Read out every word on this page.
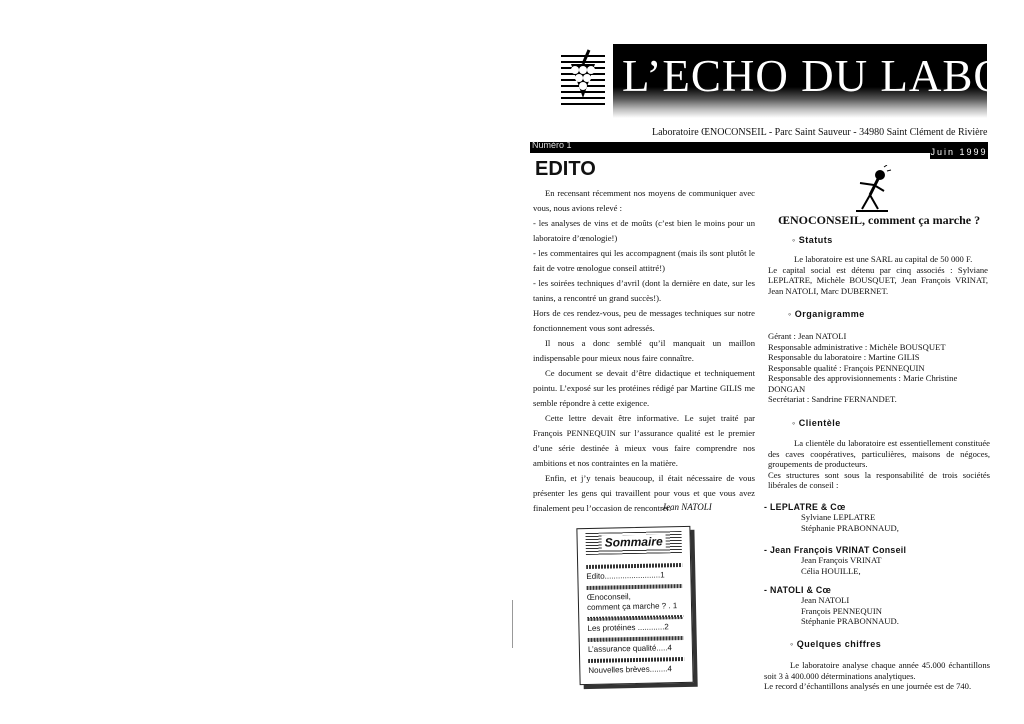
L’ECHO DU LABO
Laboratoire ŒNOCONSEIL - Parc Saint Sauveur - 34980 Saint Clément de Rivière
Numéro 1
Juin 1999
EDITO

En recensant récemment nos moyens de communiquer avec vous, nous avions relevé :

- les analyses de vins et de moûts (c’est bien le moins pour un laboratoire d’œnologie!)

- les commentaires qui les accompagnent (mais ils sont plutôt le fait de votre œnologue conseil attitré!)

- les soirées techniques d’avril (dont la dernière en date, sur les tanins, a rencontré un grand succès!).

Hors de ces rendez-vous, peu de messages techniques sur notre fonctionnement vous sont adressés.

Il nous a donc semblé qu’il manquait un maillon indispensable pour mieux nous faire connaître.

Ce document se devait d’être didactique et techniquement pointu. L’exposé sur les protéines rédigé par Martine GILIS me semble répondre à cette exigence.

Cette lettre devait être informative. Le sujet traité par François PENNEQUIN sur l’assurance qualité est le premier d’une série destinée à mieux vous faire comprendre nos ambitions et nos contraintes en la matière.

Enfin, et j’y tenais beaucoup, il était nécessaire de vous présenter les gens qui travaillent pour vous et que vous avez finalement peu l’occasion de rencontrer.

Jean NATOLI
Sommaire
Edito.........................1
Œnoconseil,
comment ça marche ? . 1
Les protéines ............2
L’assurance qualité.....4
Nouvelles brèves........4
ŒNOCONSEIL, comment ça marche ?
◦ Statuts

Le laboratoire est une SARL au capital de 50 000 F.

Le capital social est détenu par cinq associés : Sylviane LEPLATRE, Michèle BOUSQUET, Jean François VRINAT, Jean NATOLI, Marc DUBERNET.

◦ Organigramme

Gérant : Jean NATOLI

Responsable administrative : Michèle BOUSQUET

Responsable du laboratoire : Martine GILIS

Responsable qualité : François PENNEQUIN

Responsable des approvisionnements : Marie Christine DONGAN

Secrétariat : Sandrine FERNANDET.

◦ Clientèle

La clientèle du laboratoire est essentiellement constituée des caves coopératives, particulières, maisons de négoces, groupements de producteurs.

Ces structures sont sous la responsabilité de trois sociétés libérales de conseil :

- LEPLATRE & Cœ
Sylviane LEPLATRE
Stéphanie PRABONNAUD,
- Jean François VRINAT Conseil
Jean François VRINAT
Célia HOUILLE,
- NATOLI & Cœ
Jean NATOLI
François PENNEQUIN
Stéphanie PRABONNAUD.
◦ Quelques chiffres

Le laboratoire analyse chaque année 45.000 échantillons soit 3 à 400.000 déterminations analytiques.

Le record d’échantillons analysés en une journée est de 740.
